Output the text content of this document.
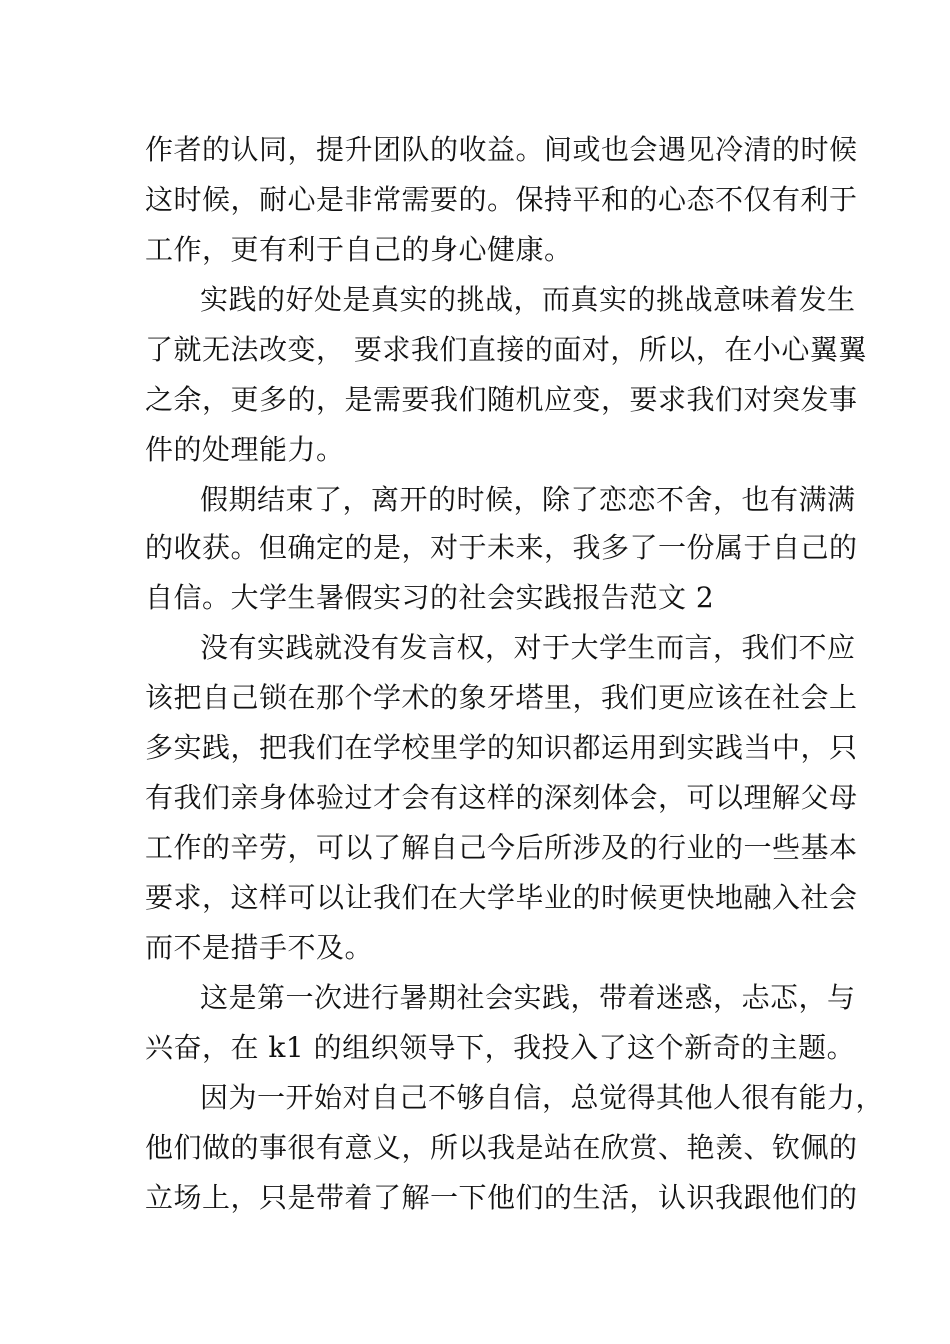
作者的认同，提升团队的收益。间或也会遇见冷清的时候
这时候，耐心是非常需要的。保持平和的心态不仅有利于
工作，更有利于自己的身心健康。
实践的好处是真实的挑战，而真实的挑战意味着发生
了就无法改变， 要求我们直接的面对，所以，在小心翼翼
之余，更多的，是需要我们随机应变，要求我们对突发事
件的处理能力。
假期结束了，离开的时候，除了恋恋不舍，也有满满
的收获。但确定的是，对于未来，我多了一份属于自己的
自信。大学生暑假实习的社会实践报告范文 2
没有实践就没有发言权，对于大学生而言，我们不应
该把自己锁在那个学术的象牙塔里，我们更应该在社会上
多实践，把我们在学校里学的知识都运用到实践当中，只
有我们亲身体验过才会有这样的深刻体会，可以理解父母
工作的辛劳，可以了解自己今后所涉及的行业的一些基本
要求，这样可以让我们在大学毕业的时候更快地融入社会
而不是措手不及。
这是第一次进行暑期社会实践，带着迷惑，忐忑，与
兴奋，在 k1 的组织领导下，我投入了这个新奇的主题。
因为一开始对自己不够自信，总觉得其他人很有能力，
他们做的事很有意义，所以我是站在欣赏、艳羡、钦佩的
立场上，只是带着了解一下他们的生活，认识我跟他们的
